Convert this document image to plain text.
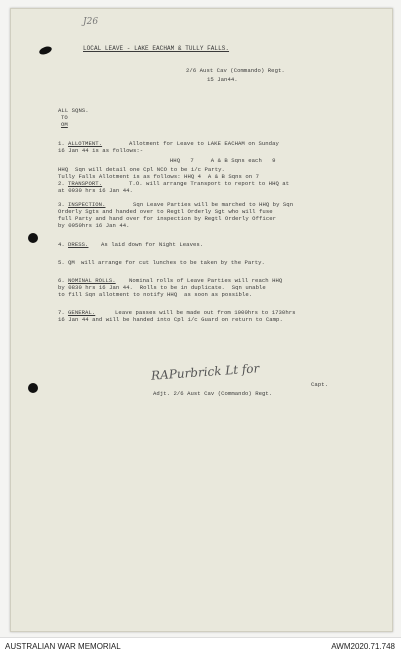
J26
LOCAL LEAVE - LAKE EACHAM & TULLY FALLS.
2/6 Aust Cav (Commando) Regt.
15 Jan44.
ALL SQNS.
TO
OM
1. ALLOTMENT.	Allotment for Leave to LAKE EACHAM on Sunday
16 Jan 44 is as follows:-
HHQ   7     A & B Sqns each   9
HHQ  Sqn will detail one Cpl NCO to be i/c Party.
Tully Falls Allotment is as follows: HHQ 4  A & B Sqns on 7
2. TRANSPORT.	T.O. will arrange Transport to report to HHQ at
at 0930 hrs 16 Jan 44.
3. INSPECTION.	Sqn Leave Parties will be marched to HHQ by Sqn
Orderly Sgts and handed over to Regtl Orderly Sgt who will fuse
full Party and hand over for inspection by Regtl Orderly Officer
by 0950hrs 16 Jan 44.
4. DRESS. As laid down for Night Leaves.
5. QM will arrange for cut lunches to be taken by the Party.
6. NOMINAL ROLLS. Nominal rolls of Leave Parties will reach HHQ
by 0830 hrs 16 Jan 44.  Rolls to be in duplicate.  Sqn unable
to fill Sqn allotment to notify HHQ  as soon as possible.
7. GENERAL.	Leave passes will be made out from 1000hrs to 1730hrs
16 Jan 44 and will be handed into Cpl i/c Guard on return to Camp.
RAPurbrick Lt for
Capt.
Adjt. 2/6 Aust Cav (Commando) Regt.
AUSTRALIAN WAR MEMORIAL	AWM2020.71.748
